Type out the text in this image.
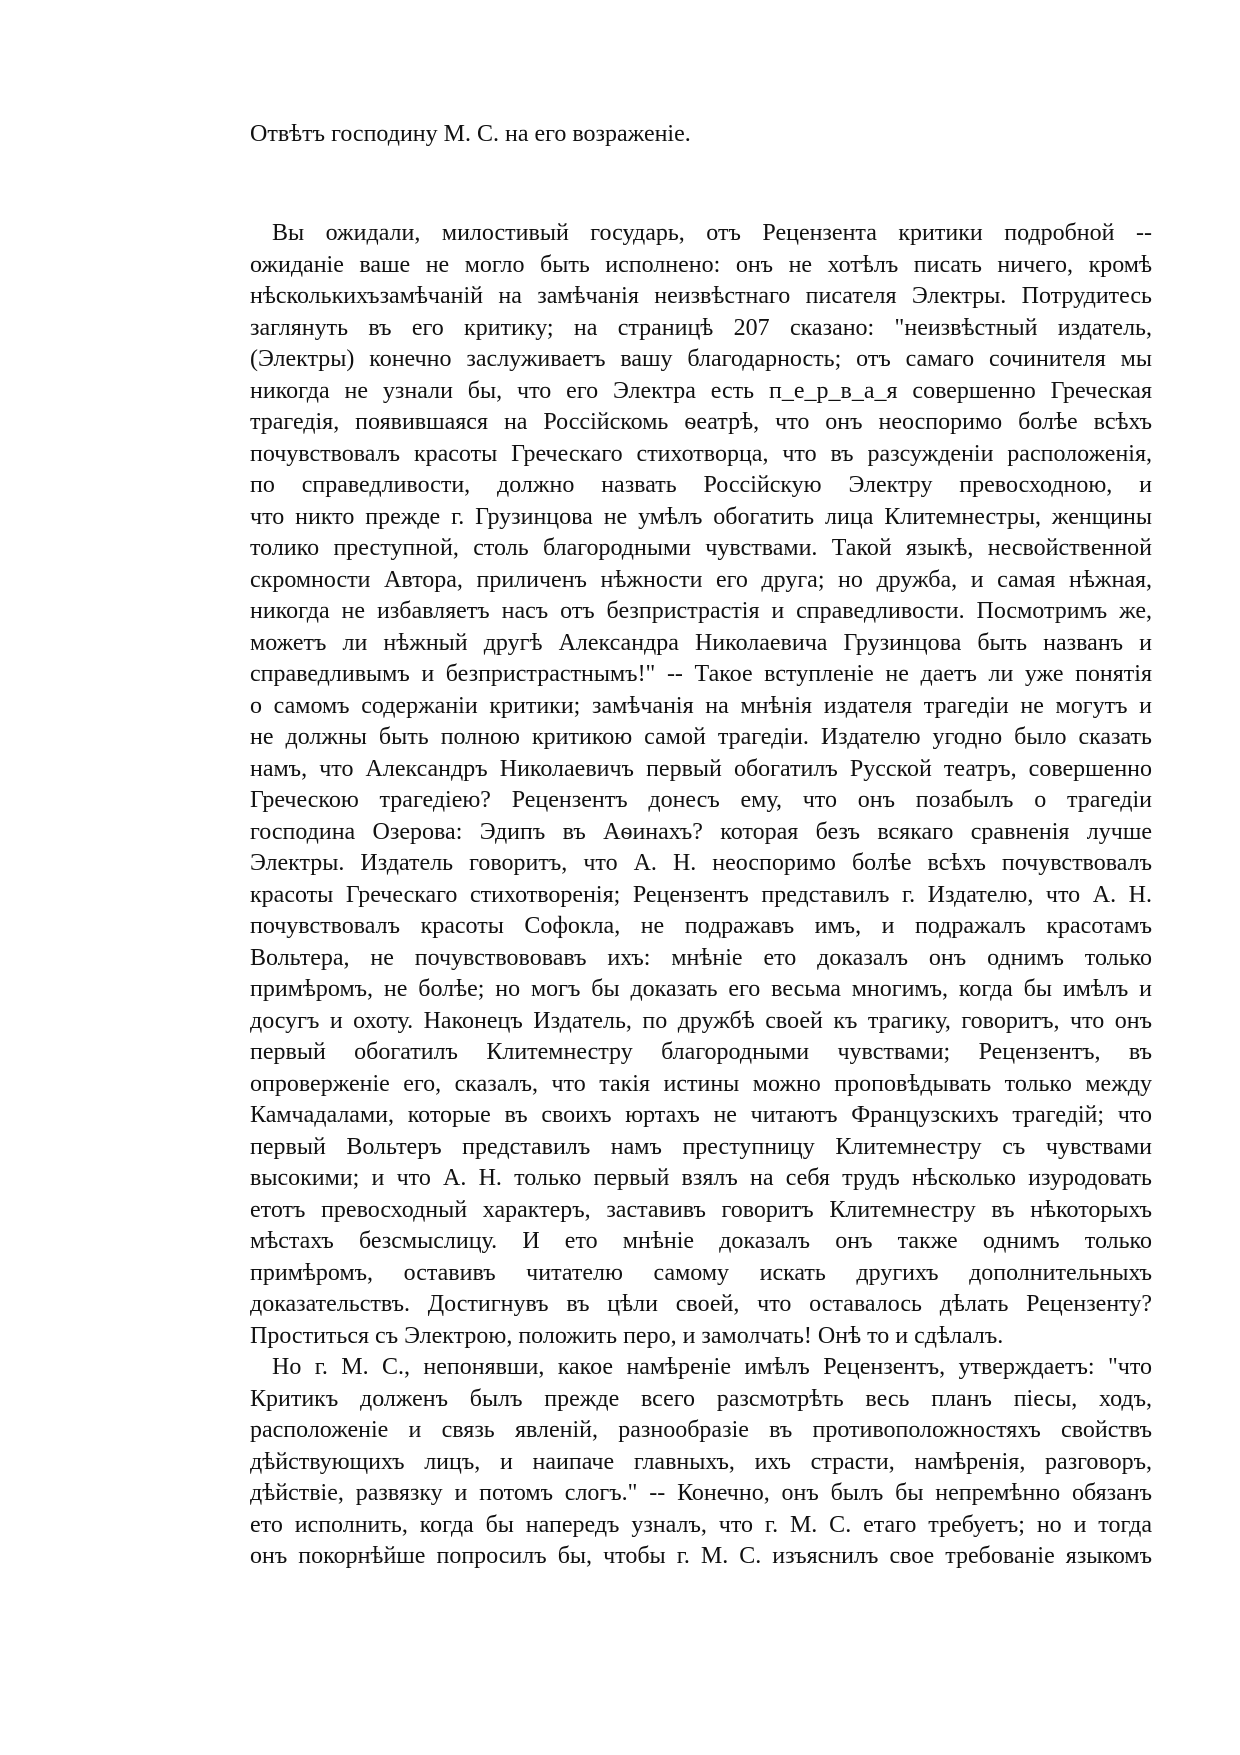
Отвѣтъ господину М. С. на его возраженіе.

Вы ожидали, милостивый государь, отъ Рецензента критики подробной --
ожиданіе ваше не могло быть исполнено: онъ не хотѣлъ писать ничего, кромѣ
нѣсколькихъзамѣчаній на замѣчанія неизвѣстнаго писателя Электры. Потрудитесь
заглянуть въ его критику; на страницѣ 207 сказано: "неизвѣстный издатель,
(Электры) конечно заслуживаетъ вашу благодарность; отъ самаго сочинителя мы
никогда не узнали бы, что его Электра есть п_е_р_в_а_я совершенно Греческая
трагедія, появившаяся на Россійскомь ѳеатрѣ, что онъ неоспоримо болѣе всѣхъ
почувствовалъ красоты Греческаго стихотворца, что въ разсужденіи расположенія,
по справедливости, должно назвать Россійскую Электру превосходною, и
что никто прежде г. Грузинцова не умѣлъ обогатить лица Клитемнестры, женщины
толико преступной, столь благородными чувствами. Такой языкѣ, несвойственной
скромности Автора, приличенъ нѣжности его друга; но дружба, и самая нѣжная,
никогда не избавляетъ насъ отъ безпристрастія и справедливости. Посмотримъ же,
можетъ ли нѣжный другѣ Александра Николаевича Грузинцова быть названъ и
справедливымъ и безпристрастнымъ!" -- Такое вступленіе не даетъ ли уже понятія
о самомъ содержаніи критики; замѣчанія на мнѣнія издателя трагедіи не могутъ и
не должны быть полною критикою самой трагедіи. Издателю угодно было сказать
намъ, что Александръ Николаевичъ первый обогатилъ Русской театръ, совершенно
Греческою трагедіею? Рецензентъ донесъ ему, что онъ позабылъ о трагедіи
господина Озерова: Эдипъ въ Аѳинахъ? которая безъ всякаго сравненія лучше
Электры. Издатель говоритъ, что А. Н. неоспоримо болѣе всѣхъ почувствовалъ
красоты Греческаго стихотворенія; Рецензентъ представилъ г. Издателю, что А. Н.
почувствовалъ красоты Софокла, не подражавъ имъ, и подражалъ красотамъ
Вольтера, не почувствововавъ ихъ: мнѣніе ето доказалъ онъ однимъ только
примѣромъ, не болѣе; но могъ бы доказать его весьма многимъ, когда бы имѣлъ и
досугъ и охоту. Наконецъ Издатель, по дружбѣ своей къ трагику, говоритъ, что онъ
первый обогатилъ Клитемнестру благородными чувствами; Рецензентъ, въ
опроверженіе его, сказалъ, что такія истины можно проповѣдывать только между
Камчадалами, которые въ своихъ юртахъ не читаютъ Французскихъ трагедій; что
первый Вольтеръ представилъ намъ преступницу Клитемнестру съ чувствами
высокими; и что А. Н. только первый взялъ на себя трудъ нѣсколько изуродовать
етотъ превосходный характеръ, заставивъ говоритъ Клитемнестру въ нѣкоторыхъ
мѣстахъ безсмыслицу. И ето мнѣніе доказалъ онъ также однимъ только
примѣромъ, оставивъ читателю самому искать другихъ дополнительныхъ
доказательствъ. Достигнувъ въ цѣли своей, что оставалось дѣлать Рецензенту?
Проститься съ Электрою, положить перо, и замолчать! Онѣ то и сдѣлалъ.
Но г. М. С., непонявши, какое намѣреніе имѣлъ Рецензентъ, утверждаетъ: "что
Критикъ долженъ былъ прежде всего разсмотрѣть весь планъ піесы, ходъ,
расположеніе и связь явленій, разнообразіе въ противоположностяхъ свойствъ
дѣйствующихъ лицъ, и наипаче главныхъ, ихъ страсти, намѣренія, разговоръ,
дѣйствіе, развязку и потомъ слогъ." -- Конечно, онъ былъ бы непремѣнно обязанъ
ето исполнить, когда бы напередъ узналъ, что г. М. С. етаго требуетъ; но и тогда
онъ покорнѣйше попросилъ бы, чтобы г. М. С. изъяснилъ свое требованіе языкомъ
